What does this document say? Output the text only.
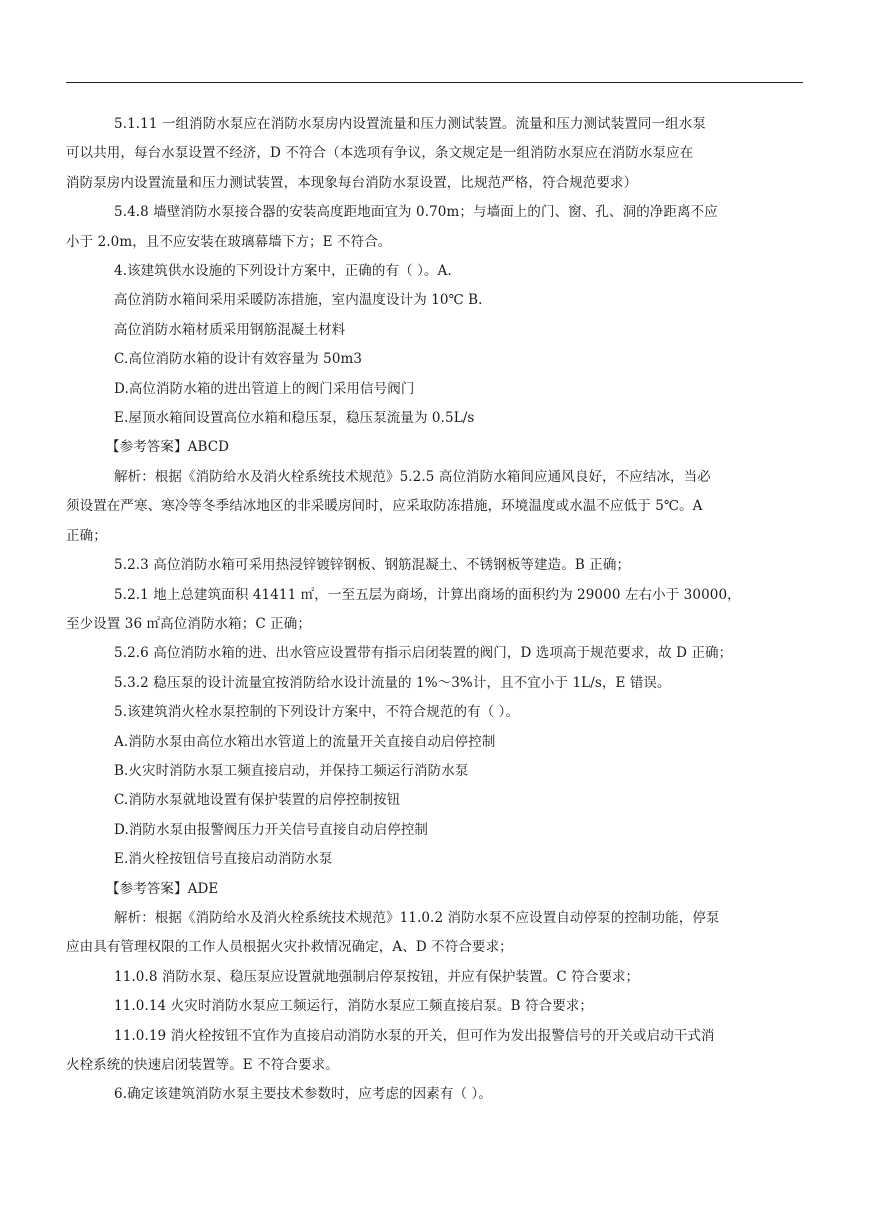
5.1.11 一组消防水泵应在消防水泵房内设置流量和压力测试装置。流量和压力测试装置同一组水泵
可以共用，每台水泵设置不经济，D 不符合（本选项有争议，条文规定是一组消防水泵应在消防水泵应在
消防泵房内设置流量和压力测试装置，本现象每台消防水泵设置，比规范严格，符合规范要求）
5.4.8 墙壁消防水泵接合器的安装高度距地面宜为 0.70m；与墙面上的门、窗、孔、洞的净距离不应
小于 2.0m，且不应安装在玻璃幕墙下方；E 不符合。
4.该建筑供水设施的下列设计方案中，正确的有（ ）。A.
高位消防水箱间采用采暖防冻措施，室内温度设计为 10℃ B.
高位消防水箱材质采用钢筋混凝土材料
C.高位消防水箱的设计有效容量为 50m3
D.高位消防水箱的进出管道上的阀门采用信号阀门
E.屋顶水箱间设置高位水箱和稳压泵，稳压泵流量为 0.5L/s
【参考答案】ABCD
解析：根据《消防给水及消火栓系统技术规范》5.2.5 高位消防水箱间应通风良好，不应结冰，当必
须设置在严寒、寒冷等冬季结冰地区的非采暖房间时，应采取防冻措施，环境温度或水温不应低于 5℃。A
正确；
5.2.3 高位消防水箱可采用热浸锌镀锌钢板、钢筋混凝土、不锈钢板等建造。B 正确；
5.2.1 地上总建筑面积 41411 ㎡，一至五层为商场，计算出商场的面积约为 29000 左右小于 30000，
至少设置 36 ㎡高位消防水箱；C 正确；
5.2.6 高位消防水箱的进、出水管应设置带有指示启闭装置的阀门，D 选项高于规范要求，故 D 正确；
5.3.2 稳压泵的设计流量宜按消防给水设计流量的 1%～3%计，且不宜小于 1L/s，E 错误。
5.该建筑消火栓水泵控制的下列设计方案中，不符合规范的有（ ）。
A.消防水泵由高位水箱出水管道上的流量开关直接自动启停控制
B.火灾时消防水泵工频直接启动，并保持工频运行消防水泵
C.消防水泵就地设置有保护装置的启停控制按钮
D.消防水泵由报警阀压力开关信号直接自动启停控制
E.消火栓按钮信号直接启动消防水泵
【参考答案】ADE
解析：根据《消防给水及消火栓系统技术规范》11.0.2 消防水泵不应设置自动停泵的控制功能，停泵
应由具有管理权限的工作人员根据火灾扑救情况确定，A、D 不符合要求；
11.0.8 消防水泵、稳压泵应设置就地强制启停泵按钮，并应有保护装置。C 符合要求；
11.0.14 火灾时消防水泵应工频运行，消防水泵应工频直接启泵。B 符合要求；
11.0.19 消火栓按钮不宜作为直接启动消防水泵的开关，但可作为发出报警信号的开关或启动干式消
火栓系统的快速启闭装置等。E 不符合要求。
6.确定该建筑消防水泵主要技术参数时，应考虑的因素有（ ）。
